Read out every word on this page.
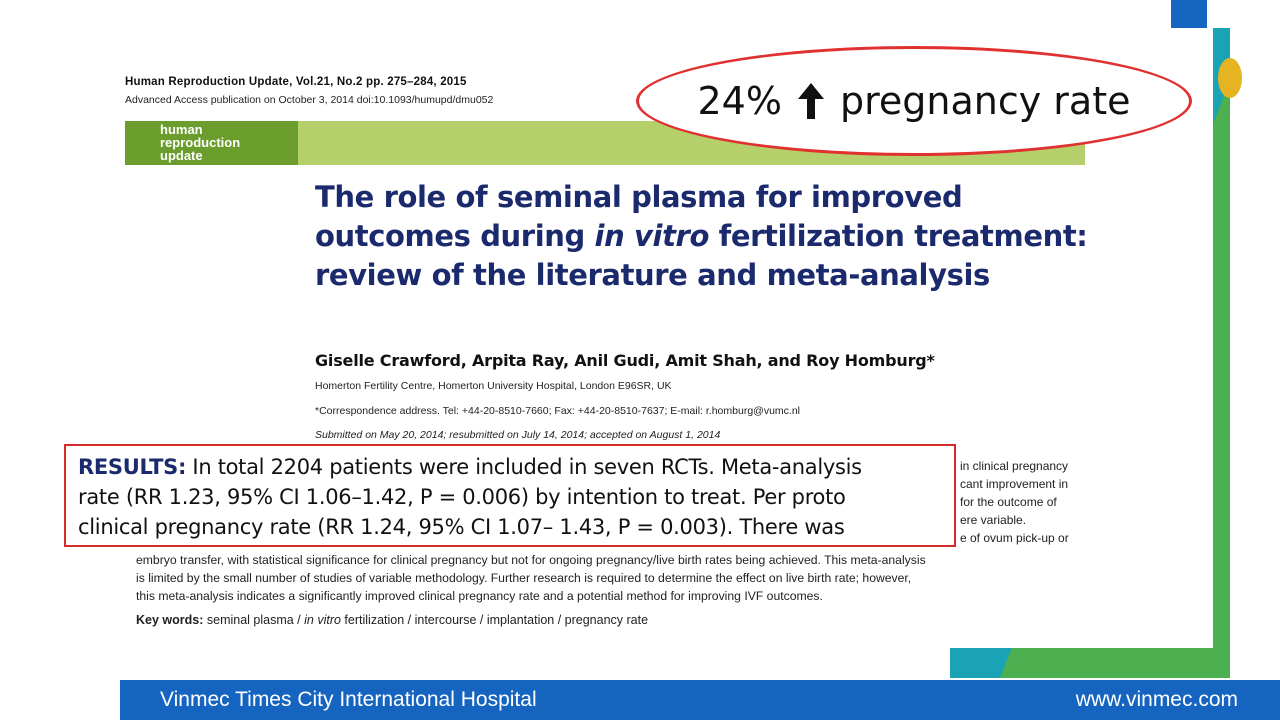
Human Reproduction Update, Vol.21, No.2 pp. 275–284, 2015
Advanced Access publication on October 3, 2014 doi:10.1093/humupd/dmu052
human
reproduction
update
The role of seminal plasma for improved outcomes during in vitro fertilization treatment: review of the literature and meta-analysis
Giselle Crawford, Arpita Ray, Anil Gudi, Amit Shah, and Roy Homburg*
Homerton Fertility Centre, Homerton University Hospital, London E96SR, UK
*Correspondence address. Tel: +44-20-8510-7660; Fax: +44-20-8510-7637; E-mail: r.homburg@vumc.nl
Submitted on May 20, 2014; resubmitted on July 14, 2014; accepted on August 1, 2014
in clinical pregnancy
cant improvement in
for the outcome of
ere variable.
e of ovum pick-up or

embryo transfer, with statistical significance for clinical pregnancy but not for ongoing pregnancy/live birth rates being achieved. This meta-analysis

is limited by the small number of studies of variable methodology. Further research is required to determine the effect on live birth rate; however,

this meta-analysis indicates a significantly improved clinical pregnancy rate and a potential method for improving IVF outcomes.

Key words: seminal plasma / in vitro fertilization / intercourse / implantation / pregnancy rate

RESULTS: In total 2204 patients were included in seven RCTs. Meta-analysis

rate (RR 1.23, 95% CI 1.06–1.42, P = 0.006) by intention to treat. Per proto

clinical pregnancy rate (RR 1.24, 95% CI 1.07– 1.43, P = 0.003). There was

24% pregnancy rate
Vinmec Times City International Hospital	www.vinmec.com
